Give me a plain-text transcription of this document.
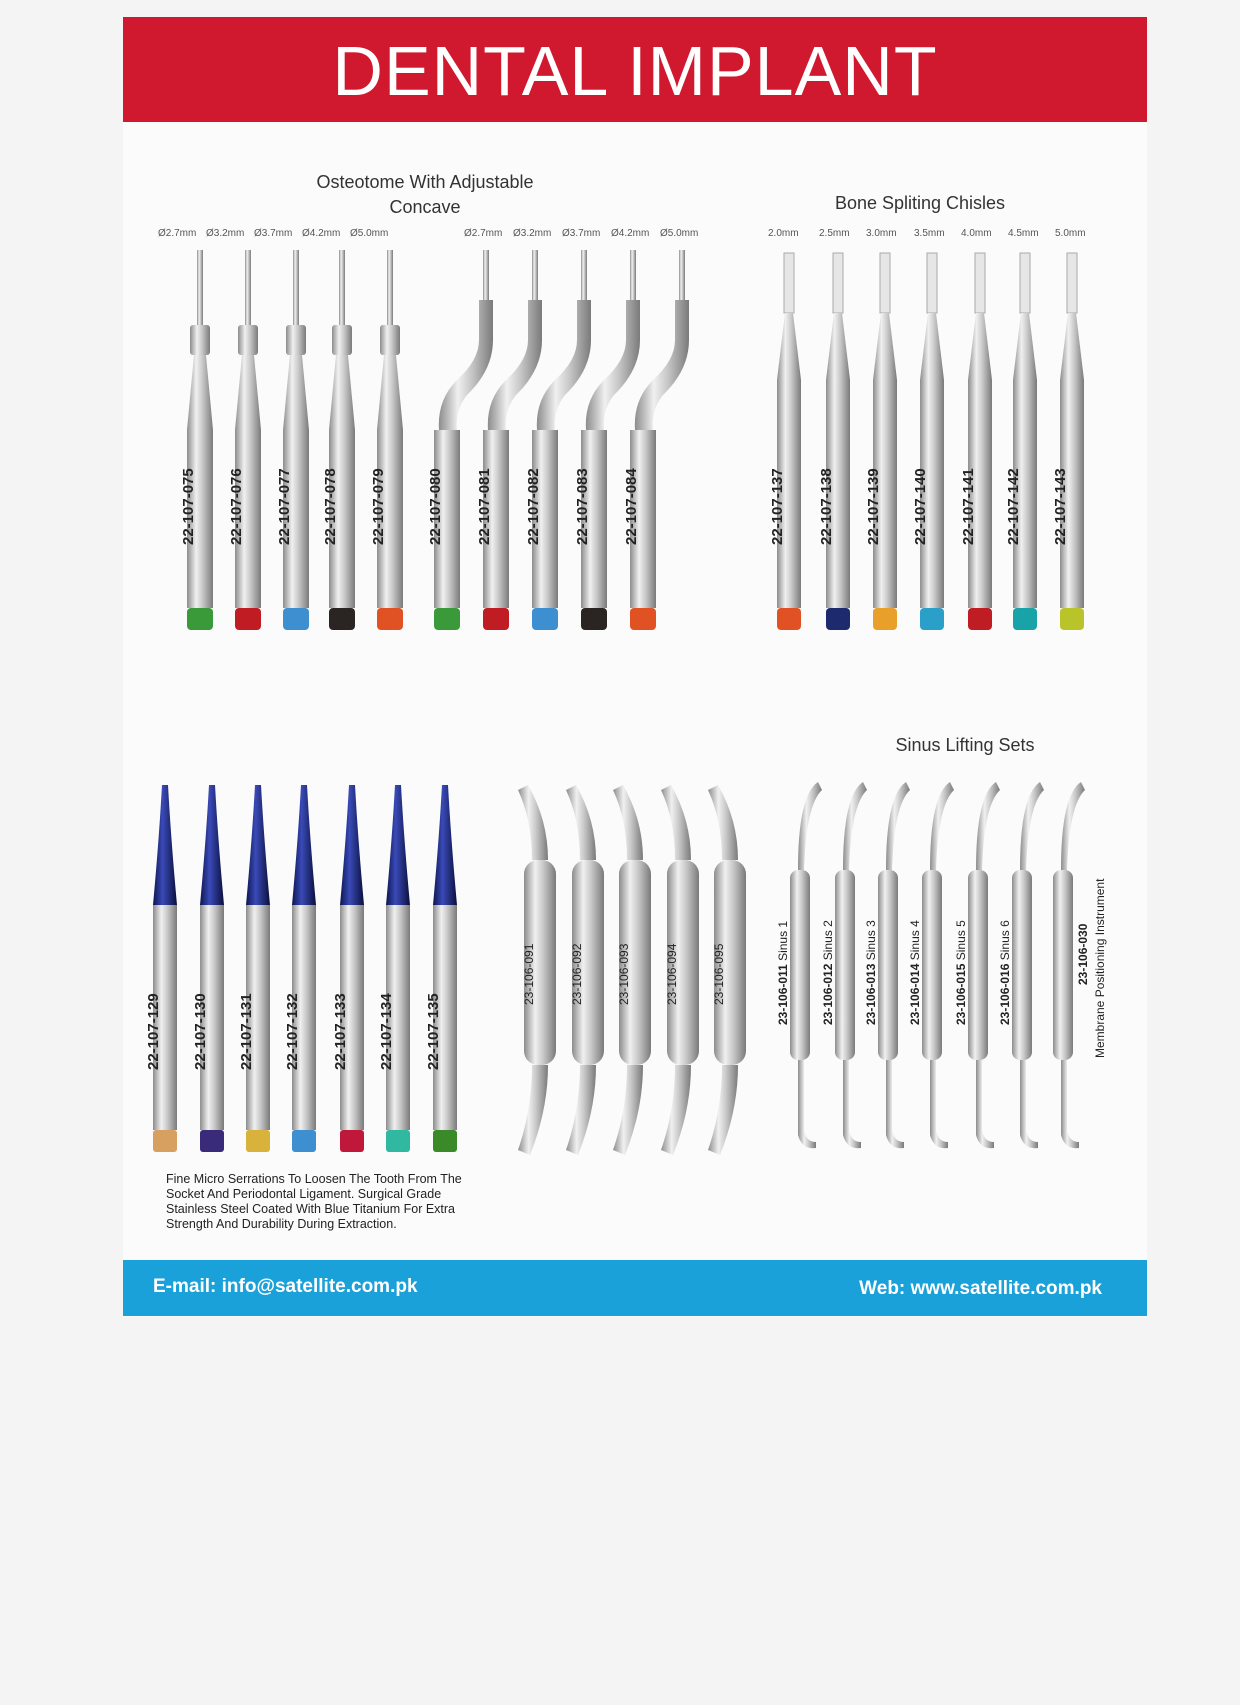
DENTAL IMPLANT
Osteotome With Adjustable
Concave	Bone Spliting Chisles
Sinus Lifting Sets
Ø2.7mm Ø3.2mm Ø3.7mm Ø4.2mm Ø5.0mm	Ø2.7mm Ø3.2mm Ø3.7mm Ø4.2mm Ø5.0mm	2.0mm 2.5mm 3.0mm 3.5mm 4.0mm 4.5mm 5.0mm
Fine Micro Serrations To Loosen The Tooth From The Socket And Periodontal Ligament. Surgical Grade Stainless Steel Coated With Blue Titanium For Extra Strength And Durability During Extraction.
E-mail: info@satellite.com.pk	Web: www.satellite.com.pk
22-107-075 22-107-076 22-107-077 22-107-078 22-107-079	22-107-080 22-107-081 22-107-082 22-107-083 22-107-084	22-107-137 22-107-138 22-107-139 22-107-140 22-107-141 22-107-142 22-107-143
22-107-129 22-107-130 22-107-131 22-107-132 22-107-133 22-107-134 22-107-135
23-106-091	23-106-092	23-106-093	23-106-094	23-106-095	23-106-011 Sinus 1
23-106-012 Sinus 2
23-106-013 Sinus 3
23-106-014 Sinus 4
23-106-015 Sinus 5
23-106-016 Sinus 6	23-106-030 Membrane Positioning Instrument
